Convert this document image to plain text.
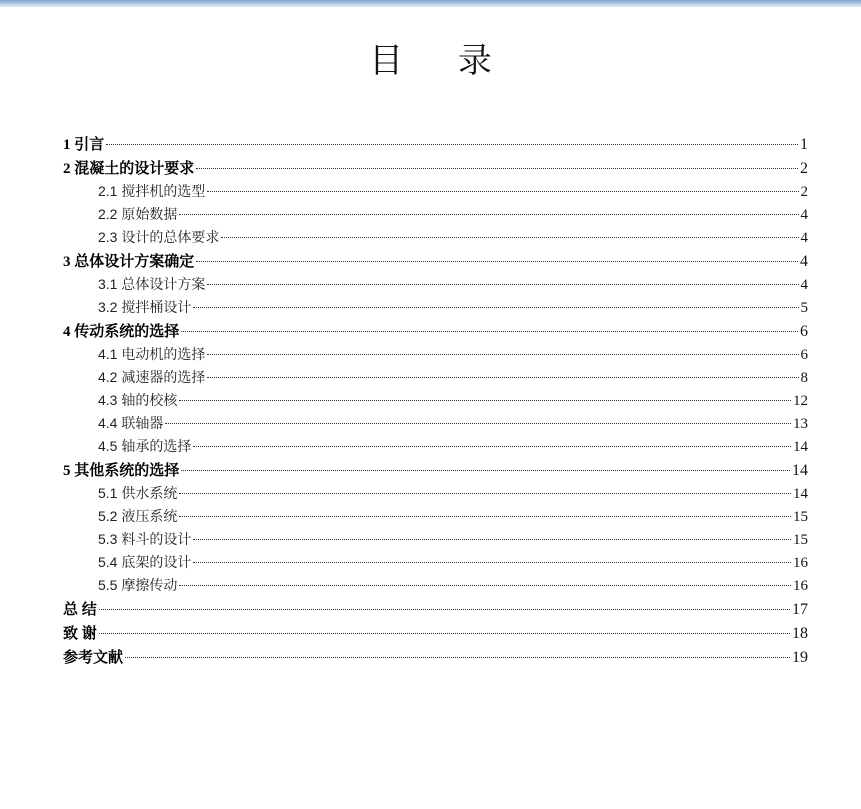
目 录
1 引言	1
2 混凝土的设计要求	2
2.1 搅拌机的选型	2
2.2 原始数据	4
2.3 设计的总体要求	4
3 总体设计方案确定	4
3.1 总体设计方案	4
3.2 搅拌桶设计	5
4 传动系统的选择	6
4.1 电动机的选择	6
4.2 减速器的选择	8
4.3 轴的校核	12
4.4 联轴器	13
4.5 轴承的选择	14
5 其他系统的选择	14
5.1 供水系统	14
5.2 液压系统	15
5.3 料斗的设计	15
5.4 底架的设计	16
5.5 摩擦传动	16
总 结	17
致 谢	18
参考文献	19
